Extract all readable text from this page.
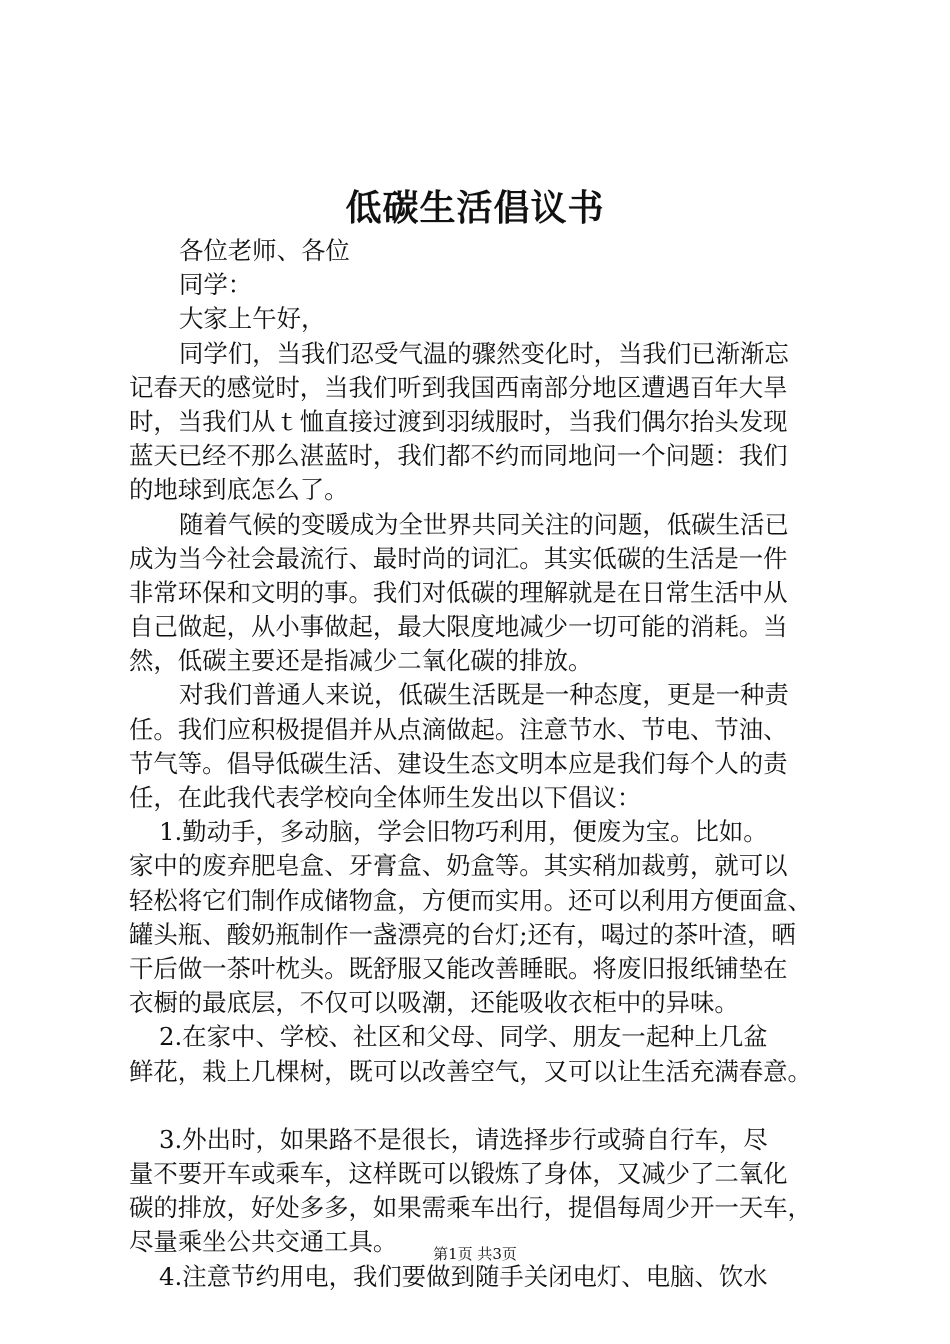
低碳生活倡议书
各位老师、各位
同学：
大家上午好，
同学们，当我们忍受气温的骤然变化时，当我们已渐渐忘
记春天的感觉时，当我们听到我国西南部分地区遭遇百年大旱
时，当我们从ｔ恤直接过渡到羽绒服时，当我们偶尔抬头发现
蓝天已经不那么湛蓝时，我们都不约而同地问一个问题：我们
的地球到底怎么了。
随着气候的变暖成为全世界共同关注的问题，低碳生活已
成为当今社会最流行、最时尚的词汇。其实低碳的生活是一件
非常环保和文明的事。我们对低碳的理解就是在日常生活中从
自己做起，从小事做起，最大限度地减少一切可能的消耗。当
然，低碳主要还是指减少二氧化碳的排放。
对我们普通人来说，低碳生活既是一种态度，更是一种责
任。我们应积极提倡并从点滴做起。注意节水、节电、节油、
节气等。倡导低碳生活、建设生态文明本应是我们每个人的责
任，在此我代表学校向全体师生发出以下倡议：
1.勤动手，多动脑，学会旧物巧利用，便废为宝。比如。
家中的废弃肥皂盒、牙膏盒、奶盒等。其实稍加裁剪，就可以
轻松将它们制作成储物盒，方便而实用。还可以利用方便面盒、
罐头瓶、酸奶瓶制作一盏漂亮的台灯;还有，喝过的茶叶渣，晒
干后做一茶叶枕头。既舒服又能改善睡眠。将废旧报纸铺垫在
衣橱的最底层，不仅可以吸潮，还能吸收衣柜中的异味。
2.在家中、学校、社区和父母、同学、朋友一起种上几盆
鲜花，栽上几棵树，既可以改善空气，又可以让生活充满春意。
3.外出时，如果路不是很长，请选择步行或骑自行车，尽
量不要开车或乘车，这样既可以锻炼了身体，又减少了二氧化
碳的排放，好处多多，如果需乘车出行，提倡每周少开一天车，
尽量乘坐公共交通工具。
4.注意节约用电，我们要做到随手关闭电灯、电脑、饮水
第1页 共3页
